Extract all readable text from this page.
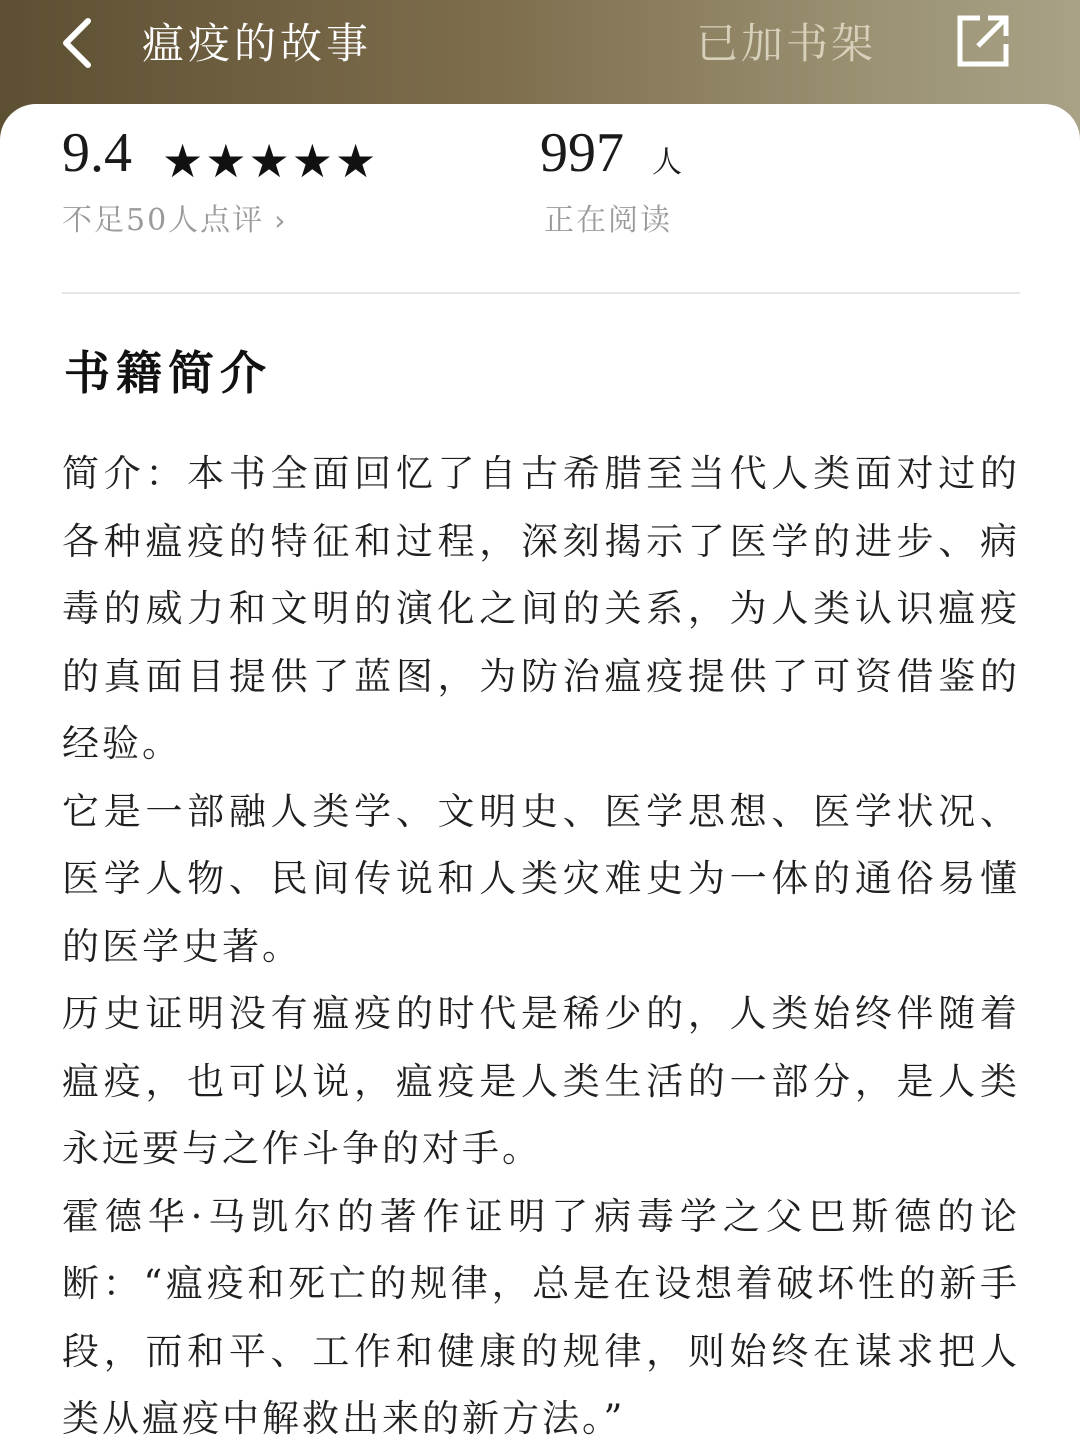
瘟疫的故事	已加书架
9.4 ★★★★★
不足50人点评 ›
997 人
正在阅读
书籍简介

简介：本书全面回忆了自古希腊至当代人类面对过的各种瘟疫的特征和过程，深刻揭示了医学的进步、病毒的威力和文明的演化之间的关系，为人类认识瘟疫的真面目提供了蓝图，为防治瘟疫提供了可资借鉴的经验。

它是一部融人类学、文明史、医学思想、医学状况、医学人物、民间传说和人类灾难史为一体的通俗易懂的医学史著。

历史证明没有瘟疫的时代是稀少的，人类始终伴随着瘟疫，也可以说，瘟疫是人类生活的一部分，是人类永远要与之作斗争的对手。

霍德华·马凯尔的著作证明了病毒学之父巴斯德的论断：“瘟疫和死亡的规律，总是在设想着破坏性的新手段，而和平、工作和健康的规律，则始终在谋求把人类从瘟疫中解救出来的新方法。”
